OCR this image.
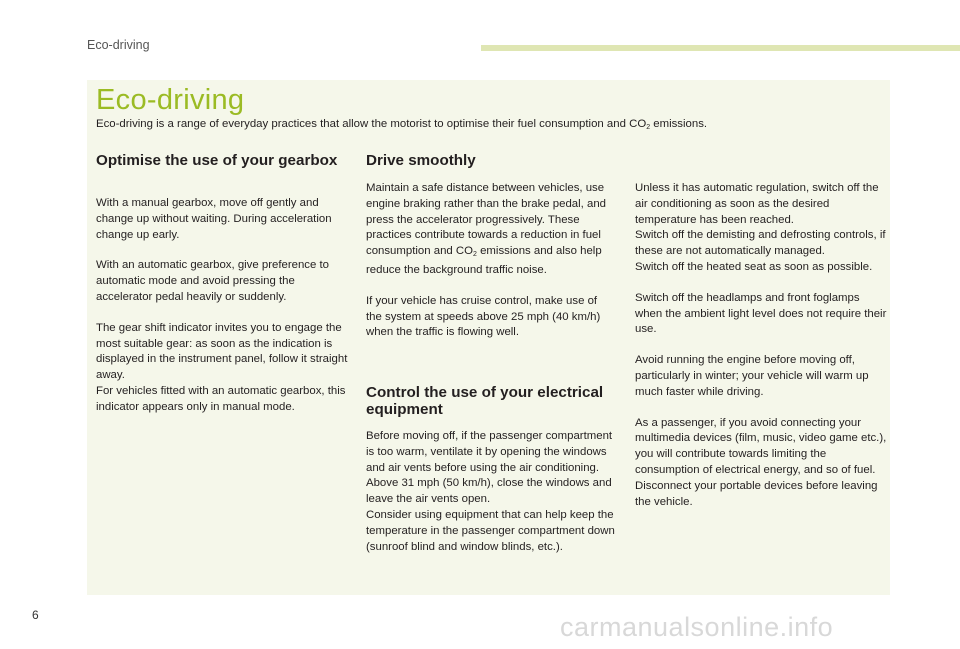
Eco-driving
Eco-driving
Eco-driving is a range of everyday practices that allow the motorist to optimise their fuel consumption and $CO_2$ emissions.
Optimise the use of your gearbox

With a manual gearbox, move off gently and change up without waiting. During acceleration change up early.

With an automatic gearbox, give preference to automatic mode and avoid pressing the accelerator pedal heavily or suddenly.

The gear shift indicator invites you to engage the most suitable gear: as soon as the indication is displayed in the instrument panel, follow it straight away.
For vehicles fitted with an automatic gearbox, this indicator appears only in manual mode.

Drive smoothly

Maintain a safe distance between vehicles, use engine braking rather than the brake pedal, and press the accelerator progressively. These practices contribute towards a reduction in fuel consumption and $CO_2$ emissions and also help reduce the background traffic noise.

If your vehicle has cruise control, make use of the system at speeds above 25 mph (40 km/h) when the traffic is flowing well.

Control the use of your electrical equipment

Before moving off, if the passenger compartment is too warm, ventilate it by opening the windows and air vents before using the air conditioning.
Above 31 mph (50 km/h), close the windows and leave the air vents open.
Consider using equipment that can help keep the temperature in the passenger compartment down (sunroof blind and window blinds, etc.).

Unless it has automatic regulation, switch off the air conditioning as soon as the desired temperature has been reached.
Switch off the demisting and defrosting controls, if these are not automatically managed.
Switch off the heated seat as soon as possible.

Switch off the headlamps and front foglamps when the ambient light level does not require their use.

Avoid running the engine before moving off, particularly in winter; your vehicle will warm up much faster while driving.

As a passenger, if you avoid connecting your multimedia devices (film, music, video game etc.), you will contribute towards limiting the consumption of electrical energy, and so of fuel.
Disconnect your portable devices before leaving the vehicle.

6	carmanualsonline.info
